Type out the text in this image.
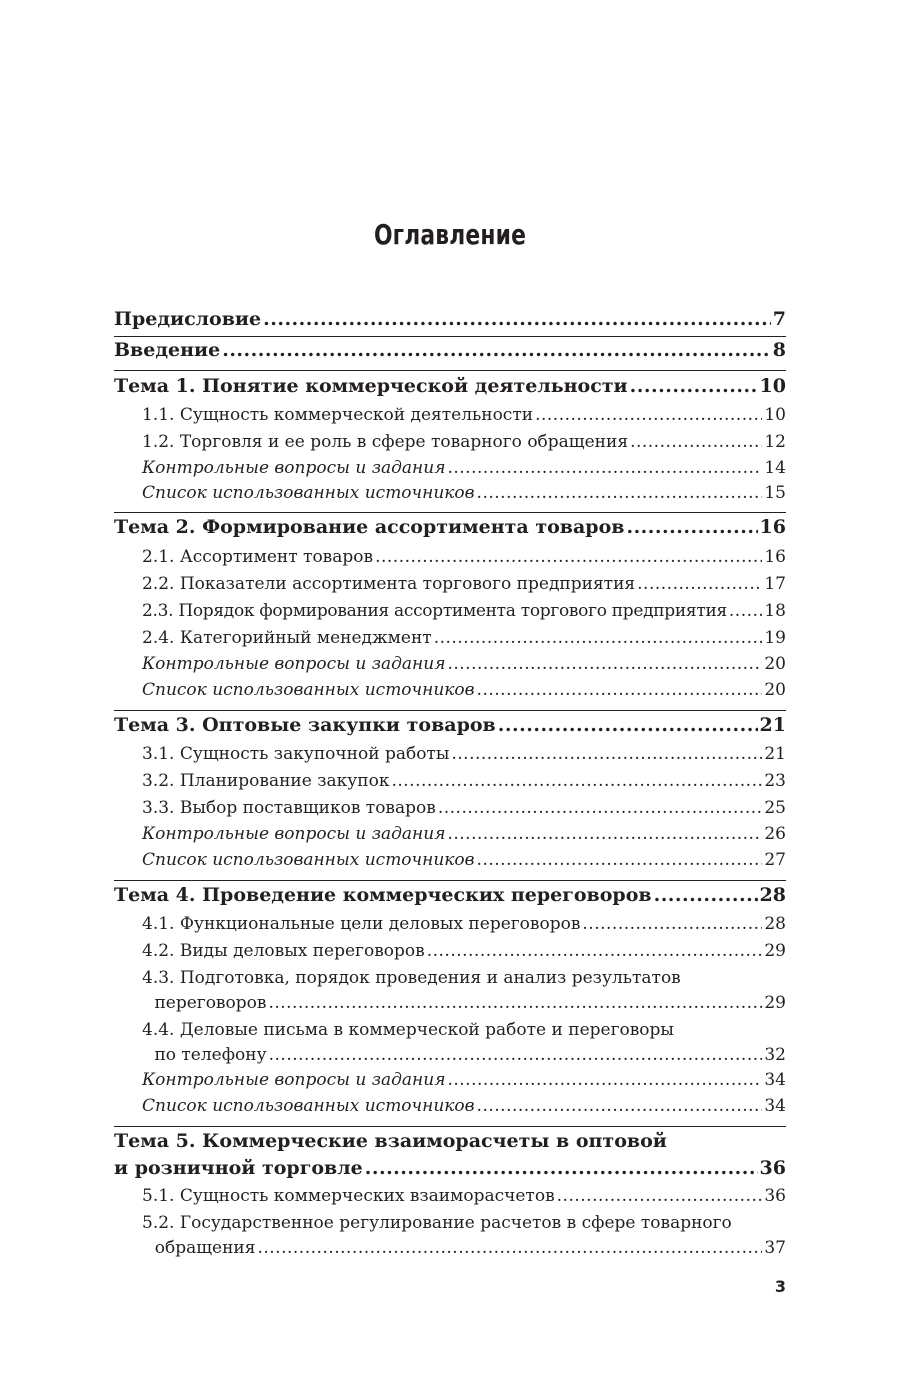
Оглавление
Предисловие .....	7
Введение .....	8
Тема 1. Понятие коммерческой деятельности .....	10
1.1. Сущность коммерческой деятельности .....	10
1.2. Торговля и ее роль в сфере товарного обращения .....	12
Контрольные вопросы и задания .....	14
Список использованных источников .....	15
Тема 2. Формирование ассортимента товаров .....	16
2.1. Ассортимент товаров .....	16
2.2. Показатели ассортимента торгового предприятия .....	17
2.3. Порядок формирования ассортимента торгового предприятия ..... 18
2.4. Категорийный менеджмент .....	19
Контрольные вопросы и задания .....	20
Список использованных источников .....	20
Тема 3. Оптовые закупки товаров .....	21
3.1. Сущность закупочной работы .....	21
3.2. Планирование закупок .....	23
3.3. Выбор поставщиков товаров .....	25
Контрольные вопросы и задания .....	26
Список использованных источников .....	27
Тема 4. Проведение коммерческих переговоров .....	28
4.1. Функциональные цели деловых переговоров .....	28
4.2. Виды деловых переговоров .....	29
4.3. Подготовка, порядок проведения и анализ результатов
переговоров .....	29
4.4. Деловые письма в коммерческой работе и переговоры
по телефону .....	32
Контрольные вопросы и задания .....	34
Список использованных источников .....	34
Тема 5. Коммерческие взаиморасчеты в оптовой
и розничной торговле .....	36
5.1. Сущность коммерческих взаиморасчетов .....	36
5.2. Государственное регулирование расчетов в сфере товарного
обращения .....	37
3
